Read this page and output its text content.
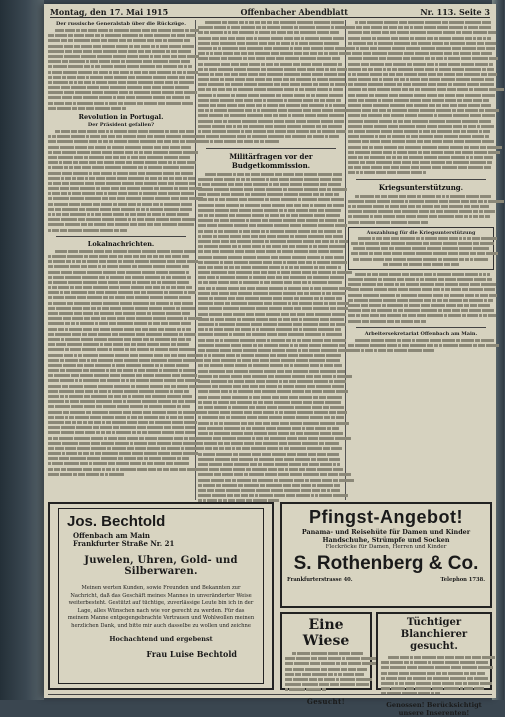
Montag, den 17. Mai 1915	Offenbacher Abendblatt	Nr. 113. Seite 3
Der russische Generalstab über die Rückzüge.
Revolution in Portugal.
Der Präsident gefallen?
Lokalnachrichten.
Militärfragen vor der Budgetkommission.
Kriegsunterstützung.
Auszahlung für die Kriegsunterstützung
Arbeitersekretariat Offenbach am Main.
Jos. Bechtold Offenbach am Main
Frankfurter Straße Nr. 21
Juwelen, Uhren, Gold- und Silberwaren.
Meinen werten Kunden, sowie Freunden und Bekannten zur Nachricht, daß das Geschäft meines Mannes in unveränderter Weise weiterbesteht. Gestützt auf tüchtige, zuverlässige Leute bin ich in der Lage, alles Wünschen nach wie vor gerecht zu werden. Für das meinem Manne entgegengebrachte Vertrauen und Wohlwollen meinen herzlichen Dank, und bitte mir auch dasselbe zu wollen und zeichne
Hochachtend und ergebenst
Frau Luise Bechtold
Pfingst-Angebot!
Panama- und Reisehüte für Damen und Kinder
Handschuhe, Strümpfe und Socken
Fleckröcke für Damen, Herren und Kinder
S. Rothenberg & Co.
Frankfurterstrasse 40.	Telephon 1738.
Eine Wiese
Gesucht!
Tüchtiger Blanchierer gesucht.
Genossen! Berücksichtigt unsere Inserenten!
